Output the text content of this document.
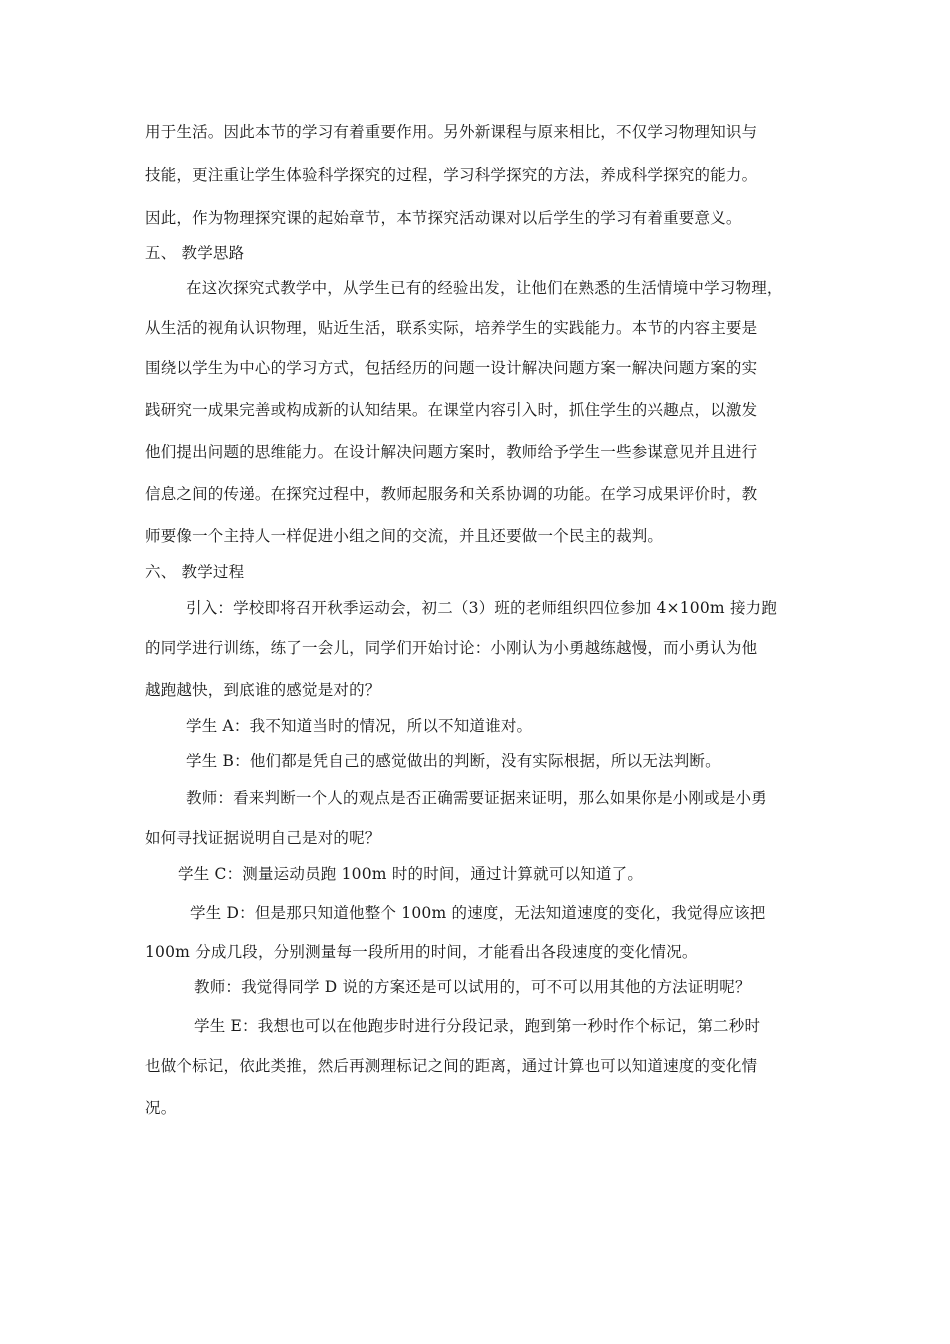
用于生活。因此本节的学习有着重要作用。另外新课程与原来相比，不仅学习物理知识与
技能，更注重让学生体验科学探究的过程，学习科学探究的方法，养成科学探究的能力。
因此，作为物理探究课的起始章节，本节探究活动课对以后学生的学习有着重要意义。
五、 教学思路
在这次探究式教学中，从学生已有的经验出发，让他们在熟悉的生活情境中学习物理，
从生活的视角认识物理，贴近生活，联系实际，培养学生的实践能力。本节的内容主要是
围绕以学生为中心的学习方式，包括经历的问题一设计解决问题方案一解决问题方案的实
践研究一成果完善或构成新的认知结果。在课堂内容引入时，抓住学生的兴趣点，以激发
他们提出问题的思维能力。在设计解决问题方案时，教师给予学生一些参谋意见并且进行
信息之间的传递。在探究过程中，教师起服务和关系协调的功能。在学习成果评价时，教
师要像一个主持人一样促进小组之间的交流，并且还要做一个民主的裁判。
六、 教学过程
引入：学校即将召开秋季运动会，初二（3）班的老师组织四位参加 4×100m 接力跑
的同学进行训练，练了一会儿，同学们开始讨论：小刚认为小勇越练越慢，而小勇认为他
越跑越快，到底谁的感觉是对的？
学生 A：我不知道当时的情况，所以不知道谁对。
学生 B：他们都是凭自己的感觉做出的判断，没有实际根据，所以无法判断。
教师：看来判断一个人的观点是否正确需要证据来证明，那么如果你是小刚或是小勇
如何寻找证据说明自己是对的呢？
学生 C：测量运动员跑 100m 时的时间，通过计算就可以知道了。
学生 D：但是那只知道他整个 100m 的速度，无法知道速度的变化，我觉得应该把
100m 分成几段，分别测量每一段所用的时间，才能看出各段速度的变化情况。
教师：我觉得同学 D 说的方案还是可以试用的，可不可以用其他的方法证明呢？
学生 E：我想也可以在他跑步时进行分段记录，跑到第一秒时作个标记，第二秒时
也做个标记，依此类推，然后再测理标记之间的距离，通过计算也可以知道速度的变化情
况。
